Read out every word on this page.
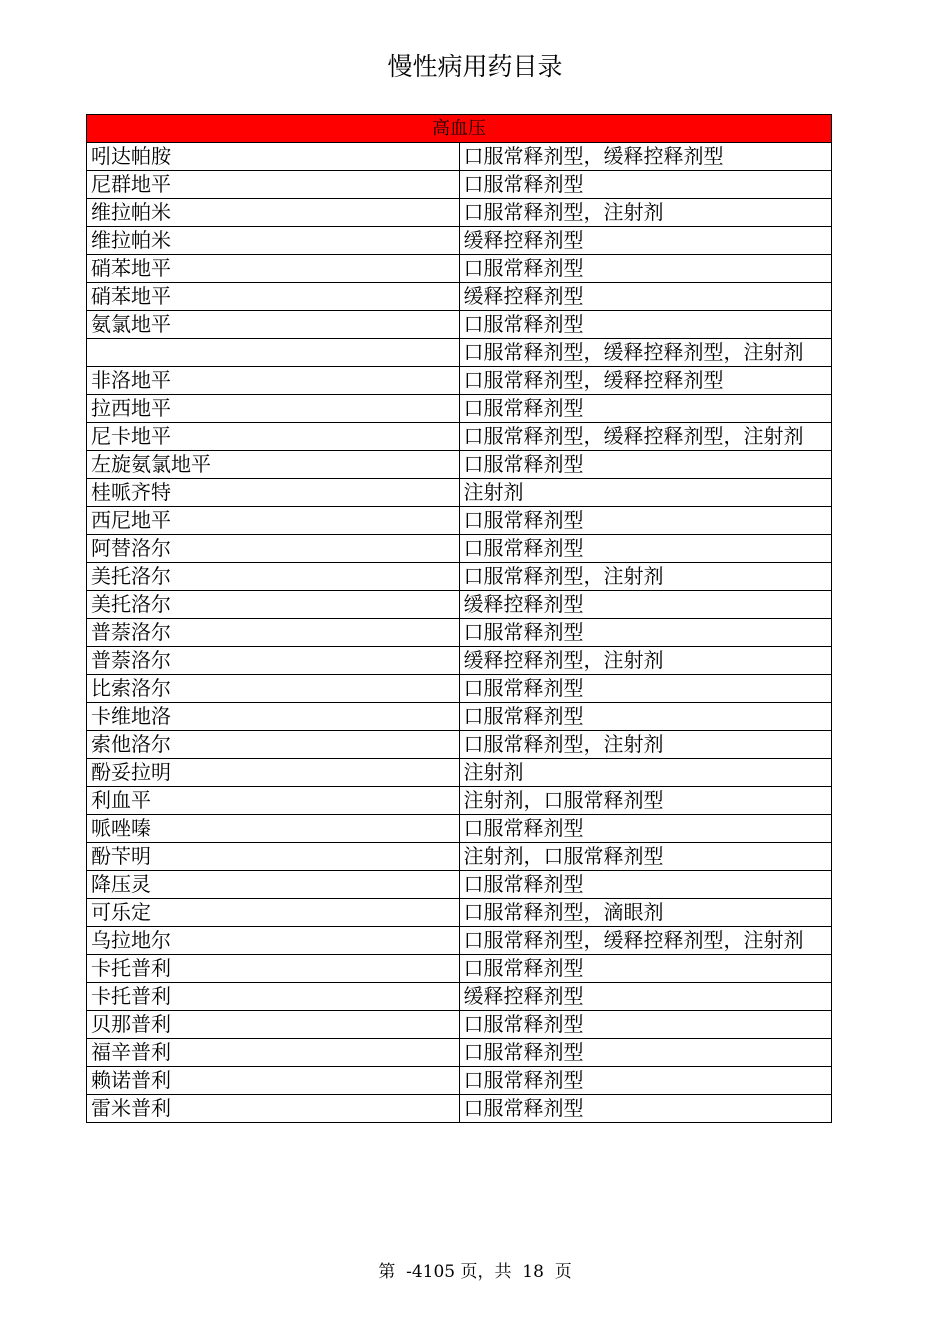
慢性病用药目录
高血压	
吲达帕胺	口服常释剂型，缓释控释剂型
尼群地平	口服常释剂型
维拉帕米	口服常释剂型，注射剂
维拉帕米	缓释控释剂型
硝苯地平	口服常释剂型
硝苯地平	缓释控释剂型
氨氯地平	口服常释剂型
	口服常释剂型，缓释控释剂型，注射剂
非洛地平	口服常释剂型，缓释控释剂型
拉西地平	口服常释剂型
尼卡地平	口服常释剂型，缓释控释剂型，注射剂
左旋氨氯地平	口服常释剂型
桂哌齐特	注射剂
西尼地平	口服常释剂型
阿替洛尔	口服常释剂型
美托洛尔	口服常释剂型，注射剂
美托洛尔	缓释控释剂型
普萘洛尔	口服常释剂型
普萘洛尔	缓释控释剂型，注射剂
比索洛尔	口服常释剂型
卡维地洛	口服常释剂型
索他洛尔	口服常释剂型，注射剂
酚妥拉明	注射剂
利血平	注射剂，口服常释剂型
哌唑嗪	口服常释剂型
酚苄明	注射剂，口服常释剂型
降压灵	口服常释剂型
可乐定	口服常释剂型，滴眼剂
乌拉地尔	口服常释剂型，缓释控释剂型，注射剂
卡托普利	口服常释剂型
卡托普利	缓释控释剂型
贝那普利	口服常释剂型
福辛普利	口服常释剂型
赖诺普利	口服常释剂型
雷米普利	口服常释剂型
第  -4105 页，共  18  页
